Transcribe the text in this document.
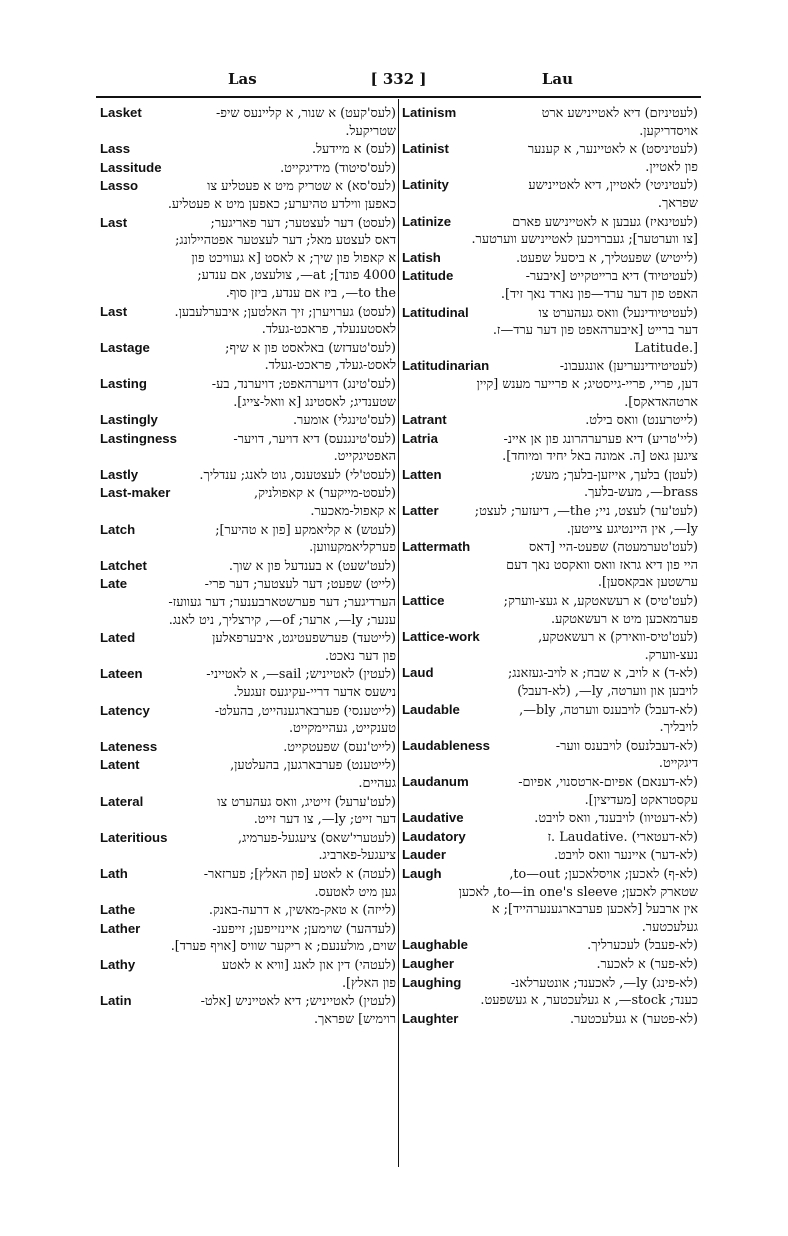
Las	[ 332 ]	Lau
Lasket	(לעס'קעט) א שנור, א קליינעס שיפ-
שטריקעל.
Lass	(לעס) א מיידעל.
Lassitude	(לעס'סיטוד) מידיגקייט.
Lasso	(לעס'סא) א שטריק מיט א פעטליע צו
כאפען ווילדע טהיערע; כאפען מיט א פעטליע.
Last	(לעסט) דער לעצטער; דער פאריגער;
דאס לעצטע מאל; דער לעצטער אפטהיילונג;
א קאפול פון שיך; א לאסט [א געוויכט פון
4000 פונד]; at—, צולעצט, אם ענדע;
to the—, ביז אם ענדע, ביזן סוף.
Last	(לעסט) גערויערן; זיך האלטען; איבערלעבען.
לאסטענעלד, פראכט-געלד.
Lastage	(לעס'טעדזש) באלאסט פון א שיף;
לאסט-געלד, פראכט-געלד.
Lasting	(לעס'טינג) דויערהאפט; דויערנד, בע-
שטענדיג; לאסטינג [א וואל-צייג].
Lastingly	(לעס'טינגלי) אומער.
Lastingness	(לעס'טינגנעס) דיא דויער, דויער-
האפטיגקייט.
Lastly	(לעסט'לי) לעצטענס, גוט לאנג; ענדליך.
Last-maker	(לעסט-מייקער) א קאפולניק,
א קאפול-מאכער.
Latch	(לעטש) א קליאמקע [פון א טהיער];
פערקליאמקעווען.
Latchet	(לעט'שעט) א בענדעל פון א שוך.
Late	(לייט) שפעט; דער לעצטער; דער פרי-
הערדיגער; דער פערשטארבענער; דער געוועז-
ענער; ly—, ארער; of—, קירצליך, ניט לאנג.
Lated	(לייטעד) פערשפעטיגט, איבערפאלען
פון דער נאכט.
Lateen	(לעטין) לאטייניש; sail—, א לאטייני-
נישעס אדער דריי-עקיגעס זעגעל.
Latency	(לייטענסי) פערבארגענהייט, בהעלט-
טענקייט, געהיימקייט.
Lateness	(לייט'נעס) שפעטקייט.
Latent	(לייטענט) פערבארגען, בהעלטען,
געהיים.
Lateral	(לעט'ערעל) זייטיג, וואס געהערט צו
דער זייט; ly—, צו דער זייט.
Lateritious	(לעטערי'שאס) ציעגעל-פערמיג,
ציעגעל-פארביג.
Lath	(לעטה) א לאטע [פון האלץ]; פערזאר-
גען מיט לאטעס.
Lathe	(לייזה) א טאק-מאשין, א דרעה-באנק.
Lather	(לעדהער) שוימען; איינזייפען; זייפענ-
שוים, מולענעם; א ריקער שוויס [אויף פערד].
Lathy	(לעטהי) דין און לאנג [וויא א לאטע
פון האלץ].
Latin	(לעטין) לאטייניש; דיא לאטייניש [אלט-
רוימיש] שפראך.
Latinism	(לעטיניזם) דיא לאטיינישע ארט
אויסדריקען.
Latinist	(לעטיניסט) א לאטיינער, א קענער
פון לאטיין.
Latinity	(לעטיניטי) לאטיין, דיא לאטיינישע
שפראך.
Latinize	(לעטינאיז) געבען א לאטיינישע פארם
[צו ווערטער]; געברויכען לאטיינישע ווערטער.
Latish	(לייטיש) שפעטליך, א ביסעל שפעט.
Latitude	(לעטיטיוד) דיא ברייטקייט [איבער-
האפט פון דער ערד—פון נארד נאך זיד].
Latitudinal	(לעטיטיודינעל) וואס געהערט צו
דער ברייט [איבערהאפט פון דער ערד—ז.
[.Latitude
Latitudinarian	(לעטיטיודינעריען) אונגעבונ-
דען, פריי, פריי-גייסטיג; א פרייער מענש [קיין
ארטהאדאקס].
Latrant	(לייטרענט) וואס בילט.
Latria	(ליי'טריע) דיא פערערהרונג פון אן איינ-
ציגען גאט [ה. אמונה באל יחיד ומיוחד].
Latten	(לעטן) בלעך, אייזען-בלעך; מעש;
brass—, מעש-בלעך.
Latter	(לעט'ער) לעצט, ניי; the—, דיעזער; לעצט;
ly—, אין היינטיגע צייטען.
Lattermath	(לעט'טערמעטה) שפעט-היי [דאס
היי פון דיא גראז וואס וואקסט נאך דעם
ערשטען אבקאסען].
Lattice	(לעט'טיס) א רעשאטקע, א געצ-ווערק;
פערמאכען מיט א רעשאטקע.
Lattice-work	(לעט'טיס-וואירק) א רעשאטקע,
נעצ-ווערק.
Laud	(לא-ד) א לויב, א שבח; א לויב-געזאנג;
לויבען און ווערטה, ly—, (לא-דעבל)
Laudable	(לא-דעבל) לויבענס ווערטה, bly—,
לויבליך.
Laudableness	(לא-דעבלנעס) לויבענס ווער-
דיגקייט.
Laudanum	(לא-דענאם) אפיום-ארטסנוי, אפיום-
עקסטראקט [מעדיצין].
Laudative	(לא-דעטיוו) לויבענד, וואס לויבט.
Laudatory	(לא-דעטארי) .Laudative .ז
Lauder	(לא-דער) איינער וואס לויבט.
Laugh	(לא-ף) לאכען; אויסלאכען; to—out,
שטארק לאכען; to—in one's sleeve, לאכען
אין ארבעל [לאכען פערבארגענערהייד]; א
געלעכטער.
Laughable	(לא-פעבל) לעכערליך.
Laugher	(לא-פער) א לאכער.
Laughing	(לא-פינג) ly—, לאכענד; אונטערלאנ-
כענד; stock—, א געלעכטער, א געשפעט.
Laughter	(לא-פטער) א געלעכטער.
